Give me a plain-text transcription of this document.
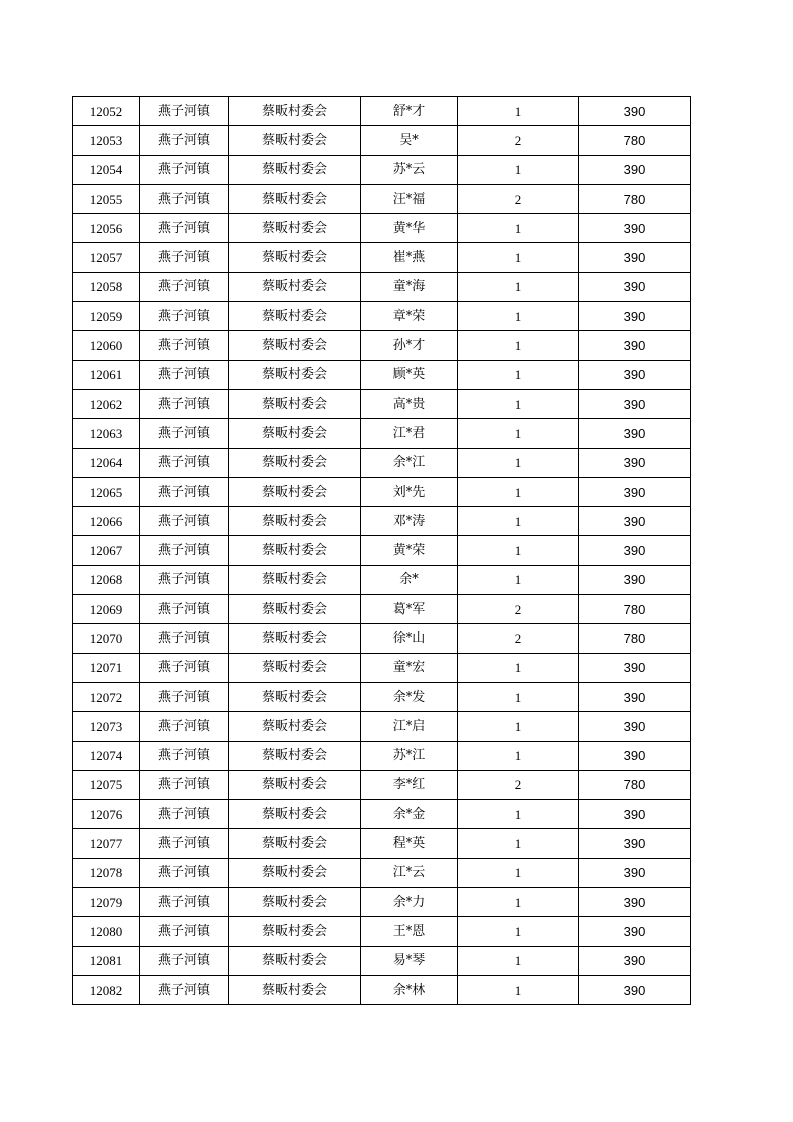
12052	燕子河镇	蔡畈村委会	舒*才	1	390
12053	燕子河镇	蔡畈村委会	吴*	2	780
12054	燕子河镇	蔡畈村委会	苏*云	1	390
12055	燕子河镇	蔡畈村委会	汪*福	2	780
12056	燕子河镇	蔡畈村委会	黄*华	1	390
12057	燕子河镇	蔡畈村委会	崔*燕	1	390
12058	燕子河镇	蔡畈村委会	童*海	1	390
12059	燕子河镇	蔡畈村委会	章*荣	1	390
12060	燕子河镇	蔡畈村委会	孙*才	1	390
12061	燕子河镇	蔡畈村委会	顾*英	1	390
12062	燕子河镇	蔡畈村委会	高*贵	1	390
12063	燕子河镇	蔡畈村委会	江*君	1	390
12064	燕子河镇	蔡畈村委会	余*江	1	390
12065	燕子河镇	蔡畈村委会	刘*先	1	390
12066	燕子河镇	蔡畈村委会	邓*涛	1	390
12067	燕子河镇	蔡畈村委会	黄*荣	1	390
12068	燕子河镇	蔡畈村委会	余*	1	390
12069	燕子河镇	蔡畈村委会	葛*军	2	780
12070	燕子河镇	蔡畈村委会	徐*山	2	780
12071	燕子河镇	蔡畈村委会	童*宏	1	390
12072	燕子河镇	蔡畈村委会	余*发	1	390
12073	燕子河镇	蔡畈村委会	江*启	1	390
12074	燕子河镇	蔡畈村委会	苏*江	1	390
12075	燕子河镇	蔡畈村委会	李*红	2	780
12076	燕子河镇	蔡畈村委会	余*金	1	390
12077	燕子河镇	蔡畈村委会	程*英	1	390
12078	燕子河镇	蔡畈村委会	江*云	1	390
12079	燕子河镇	蔡畈村委会	余*力	1	390
12080	燕子河镇	蔡畈村委会	王*恩	1	390
12081	燕子河镇	蔡畈村委会	易*琴	1	390
12082	燕子河镇	蔡畈村委会	余*林	1	390
